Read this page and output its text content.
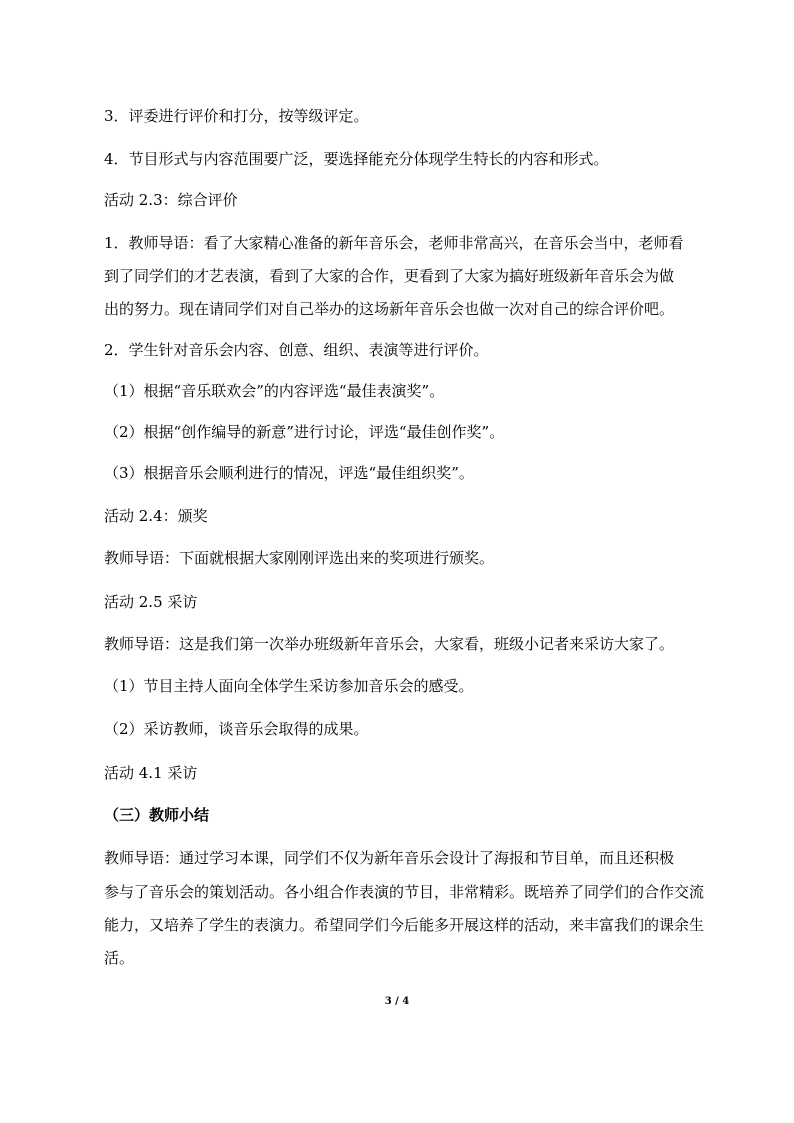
3．评委进行评价和打分，按等级评定。
4．节目形式与内容范围要广泛，要选择能充分体现学生特长的内容和形式。
活动 2.3：综合评价
1．教师导语：看了大家精心准备的新年音乐会，老师非常高兴，在音乐会当中，老师看
到了同学们的才艺表演，看到了大家的合作，更看到了大家为搞好班级新年音乐会为做
出的努力。现在请同学们对自己举办的这场新年音乐会也做一次对自己的综合评价吧。
2．学生针对音乐会内容、创意、组织、表演等进行评价。
（1）根据“音乐联欢会”的内容评选“最佳表演奖”。
（2）根据“创作编导的新意”进行讨论，评选“最佳创作奖”。
（3）根据音乐会顺利进行的情况，评选“最佳组织奖”。
活动 2.4：颁奖
教师导语：下面就根据大家刚刚评选出来的奖项进行颁奖。
活动 2.5 采访
教师导语：这是我们第一次举办班级新年音乐会，大家看，班级小记者来采访大家了。
（1）节目主持人面向全体学生采访参加音乐会的感受。
（2）采访教师，谈音乐会取得的成果。
活动 4.1 采访
（三）教师小结
教师导语：通过学习本课，同学们不仅为新年音乐会设计了海报和节目单，而且还积极
参与了音乐会的策划活动。各小组合作表演的节目，非常精彩。既培养了同学们的合作交流
能力，又培养了学生的表演力。希望同学们今后能多开展这样的活动，来丰富我们的课余生
活。
3 / 4
